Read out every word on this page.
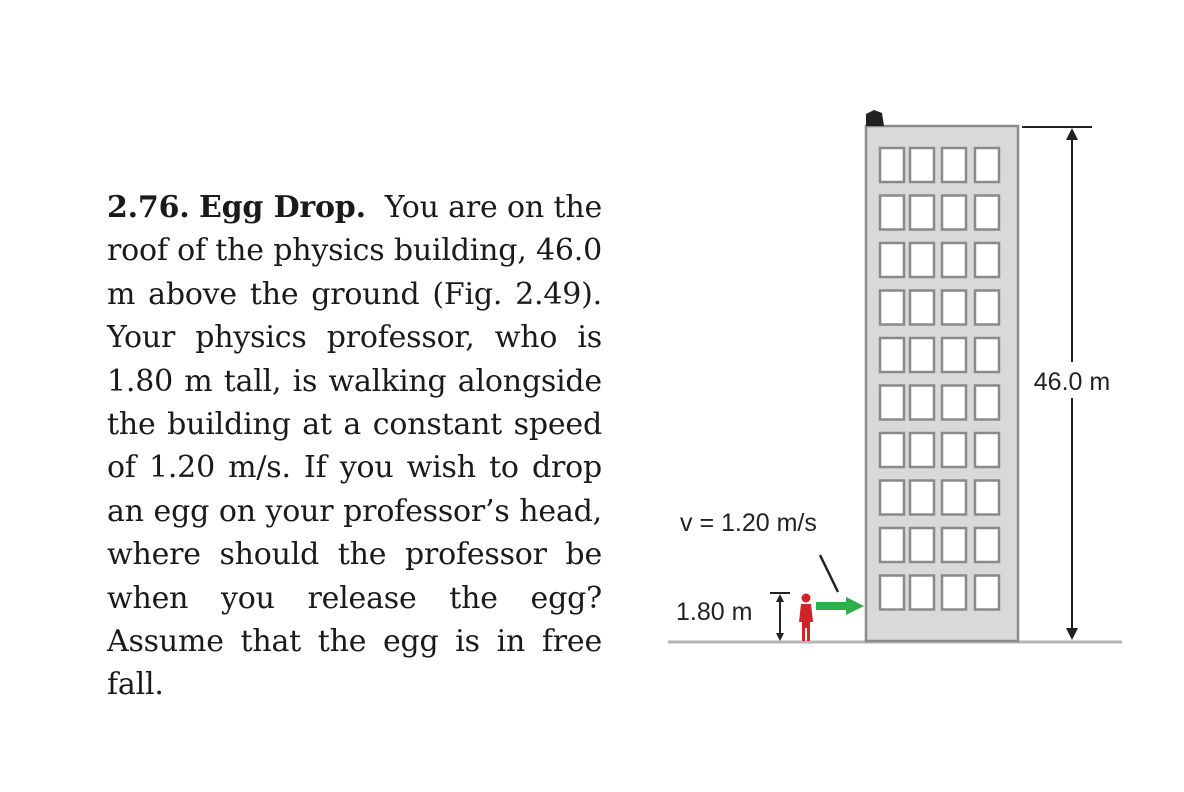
2.76. Egg Drop. You are on the roof of the physics building, 46.0 m above the ground (Fig. 2.49). Your physics professor, who is 1.80 m tall, is walking alongside the building at a constant speed of 1.20 m/s. If you wish to drop an egg on your professor’s head, where should the professor be when you release the egg? Assume that the egg is in free fall.
46.0 m
v = 1.20 m/s
1.80 m
